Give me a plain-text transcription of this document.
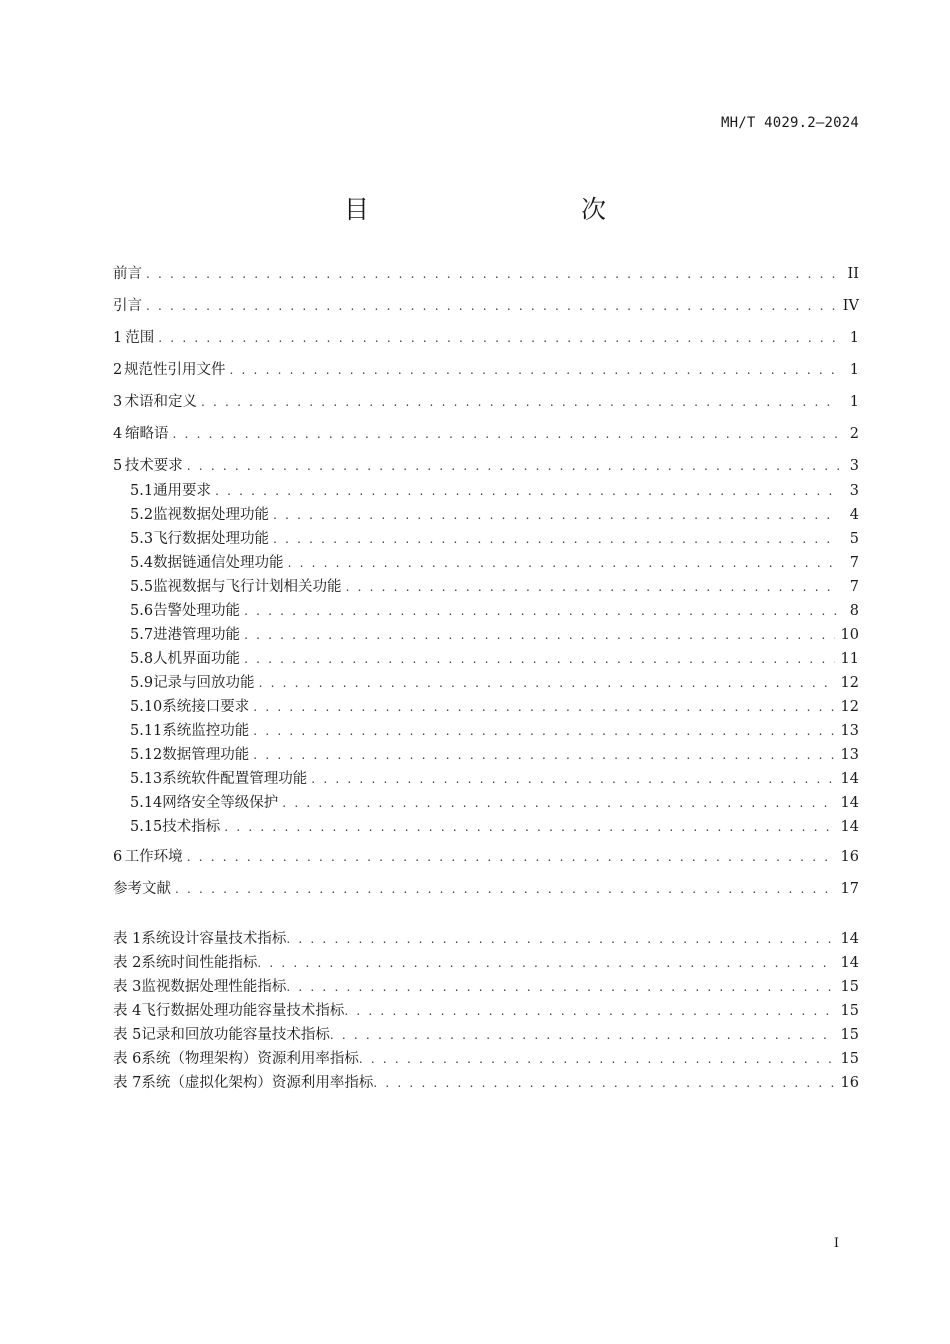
MH/T 4029.2—2024
目　　次
前言 . . .	II
引言 . . .	IV
1 范围 . . .	1
2 规范性引用文件 . . .	1
3 术语和定义 . . .	1
4 缩略语 . . .	2
5 技术要求 . . .	3
5.1 通用要求 . . .	3
5.2 监视数据处理功能 . . .	4
5.3 飞行数据处理功能 . . .	5
5.4 数据链通信处理功能 . . .	7
5.5 监视数据与飞行计划相关功能 . . .	7
5.6 告警处理功能 . . .	8
5.7 进港管理功能 . . .	10
5.8 人机界面功能 . . .	11
5.9 记录与回放功能 . . .	12
5.10 系统接口要求 . . .	12
5.11 系统监控功能 . . .	13
5.12 数据管理功能 . . .	13
5.13 系统软件配置管理功能 . . .	14
5.14 网络安全等级保护 . . .	14
5.15 技术指标 . . .	14
6 工作环境 . . .	16
参考文献 . . .	17
表 1 系统设计容量技术指标 . . .	14
表 2 系统时间性能指标 . . .	14
表 3 监视数据处理性能指标 . . .	15
表 4 飞行数据处理功能容量技术指标 . . .	15
表 5 记录和回放功能容量技术指标 . . .	15
表 6 系统（物理架构）资源利用率指标 . . .	15
表 7 系统（虚拟化架构）资源利用率指标 . . .	16
I
